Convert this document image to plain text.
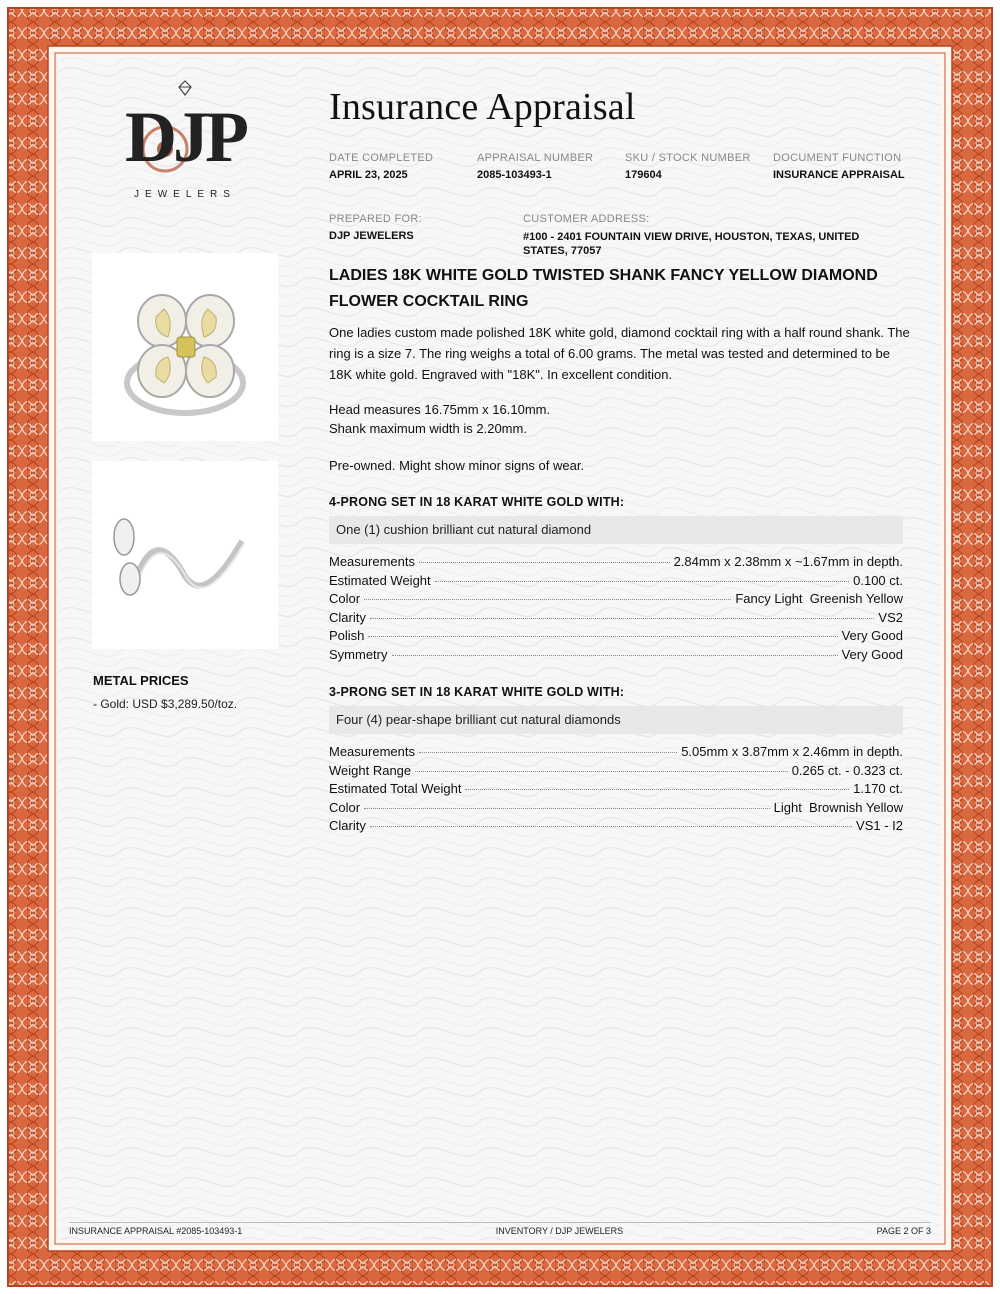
DJP
JEWELERS
Insurance Appraisal
DATE COMPLETED
APRIL 23, 2025
APPRAISAL NUMBER
2085-103493-1
SKU / STOCK NUMBER
179604
DOCUMENT FUNCTION
INSURANCE APPRAISAL
PREPARED FOR:
DJP JEWELERS
CUSTOMER ADDRESS:
#100 - 2401 FOUNTAIN VIEW DRIVE, HOUSTON, TEXAS, UNITED STATES, 77057
METAL PRICES
- Gold: USD $3,289.50/toz.
LADIES 18K WHITE GOLD TWISTED SHANK FANCY YELLOW DIAMOND FLOWER COCKTAIL RING
One ladies custom made polished 18K white gold, diamond cocktail ring with a half round shank. The ring is a size 7. The ring weighs a total of 6.00 grams. The metal was tested and determined to be 18K white gold. Engraved with "18K". In excellent condition.
Head measures 16.75mm x 16.10mm.
Shank maximum width is 2.20mm.
Pre-owned. Might show minor signs of wear.
4-PRONG SET IN 18 KARAT WHITE GOLD WITH:
One (1) cushion brilliant cut natural diamond
Measurements	2.84mm x 2.38mm x ~1.67mm in depth.
Estimated Weight	0.100 ct.
Color	Fancy Light  Greenish Yellow
Clarity	VS2
Polish	Very Good
Symmetry	Very Good
3-PRONG SET IN 18 KARAT WHITE GOLD WITH:
Four (4) pear-shape brilliant cut natural diamonds
Measurements	5.05mm x 3.87mm x 2.46mm in depth.
Weight Range	0.265 ct. - 0.323 ct.
Estimated Total Weight	1.170 ct.
Color	Light  Brownish Yellow
Clarity	VS1 - I2
INSURANCE APPRAISAL #2085-103493-1	INVENTORY / DJP JEWELERS	PAGE 2 OF 3
